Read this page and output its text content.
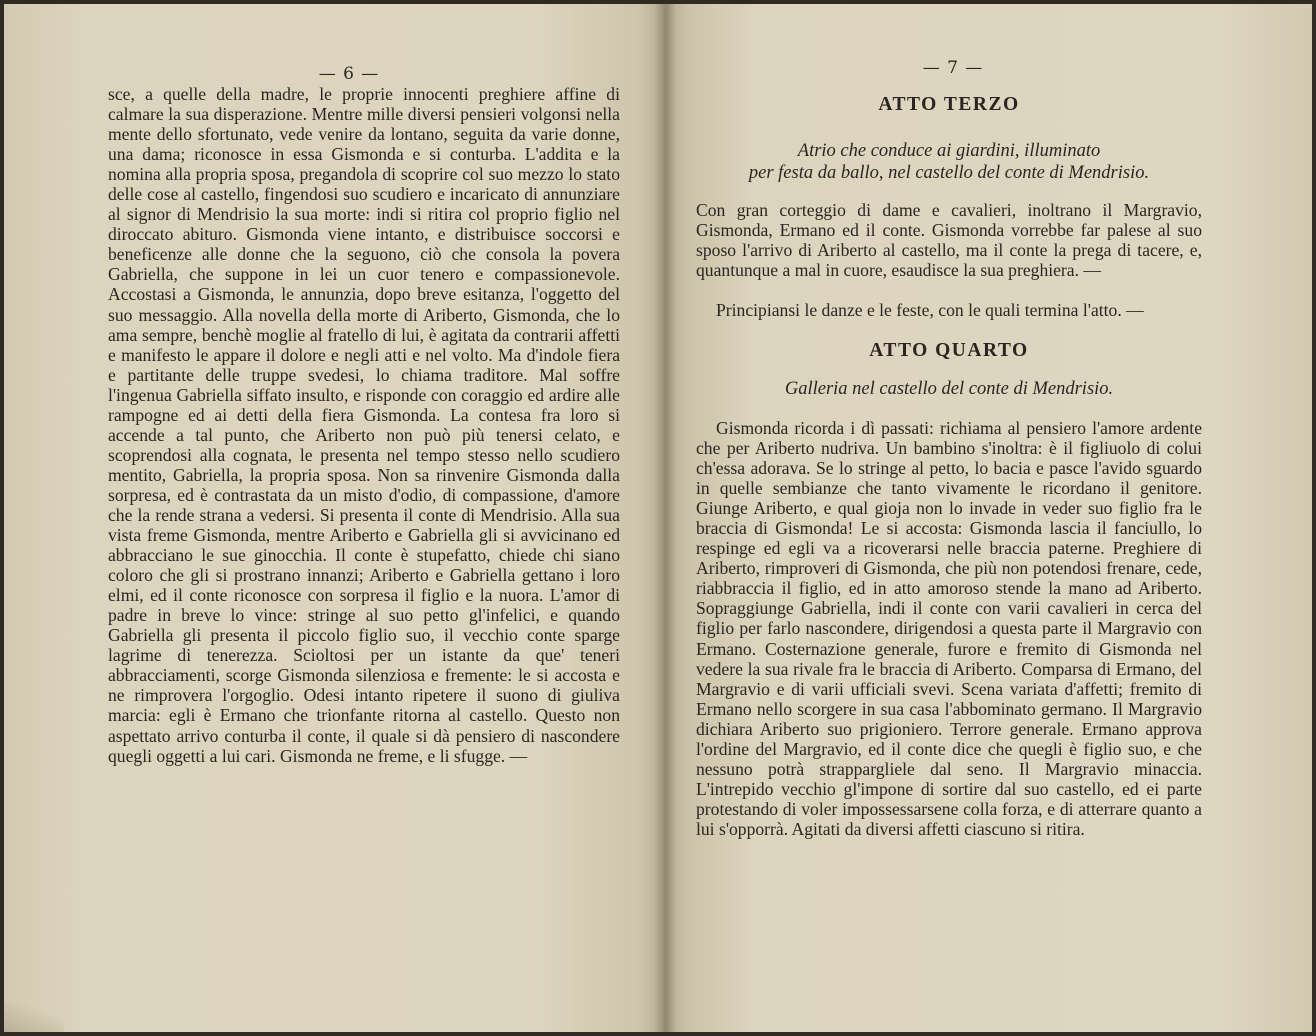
— 6 —

sce, a quelle della madre, le proprie innocenti preghiere affine di calmare la sua disperazione. Mentre mille diversi pensieri volgonsi nella mente dello sfortunato, vede venire da lontano, seguita da varie donne, una dama; riconosce in essa Gismonda e si conturba. L'addita e la nomina alla propria sposa, pregandola di scoprire col suo mezzo lo stato delle cose al castello, fingendosi suo scudiero e incaricato di annunziare al signor di Mendrisio la sua morte: indi si ritira col proprio figlio nel diroccato abituro. Gismonda viene intanto, e distribuisce soccorsi e beneficenze alle donne che la seguono, ciò che consola la povera Gabriella, che suppone in lei un cuor tenero e compassionevole. Accostasi a Gismonda, le annunzia, dopo breve esitanza, l'oggetto del suo messaggio. Alla novella della morte di Ariberto, Gismonda, che lo ama sempre, benchè moglie al fratello di lui, è agitata da contrarii affetti e manifesto le appare il dolore e negli atti e nel volto. Ma d'indole fiera e partitante delle truppe svedesi, lo chiama traditore. Mal soffre l'ingenua Gabriella siffato insulto, e risponde con coraggio ed ardire alle rampogne ed ai detti della fiera Gismonda. La contesa fra loro si accende a tal punto, che Ariberto non può più tenersi celato, e scoprendosi alla cognata, le presenta nel tempo stesso nello scudiero mentito, Gabriella, la propria sposa. Non sa rinvenire Gismonda dalla sorpresa, ed è contrastata da un misto d'odio, di compassione, d'amore che la rende strana a vedersi. Si presenta il conte di Mendrisio. Alla sua vista freme Gismonda, mentre Ariberto e Gabriella gli si avvicinano ed abbracciano le sue ginocchia. Il conte è stupefatto, chiede chi siano coloro che gli si prostrano innanzi; Ariberto e Gabriella gettano i loro elmi, ed il conte riconosce con sorpresa il figlio e la nuora. L'amor di padre in breve lo vince: stringe al suo petto gl'infelici, e quando Gabriella gli presenta il piccolo figlio suo, il vecchio conte sparge lagrime di tenerezza. Scioltosi per un istante da que' teneri abbracciamenti, scorge Gismonda silenziosa e fremente: le si accosta e ne rimprovera l'orgoglio. Odesi intanto ripetere il suono di giuliva marcia: egli è Ermano che trionfante ritorna al castello. Questo non aspettato arrivo conturba il conte, il quale si dà pensiero di nascondere quegli oggetti a lui cari. Gismonda ne freme, e li sfugge. —

— 7 —
ATTO TERZO

Atrio che conduce ai giardini, illuminato

per festa da ballo, nel castello del conte di Mendrisio.

Con gran corteggio di dame e cavalieri, inoltrano il Margravio, Gismonda, Ermano ed il conte. Gismonda vorrebbe far palese al suo sposo l'arrivo di Ariberto al castello, ma il conte la prega di tacere, e, quantunque a mal in cuore, esaudisce la sua preghiera. —

Principiansi le danze e le feste, con le quali termina l'atto. —

ATTO QUARTO

Galleria nel castello del conte di Mendrisio.

Gismonda ricorda i dì passati: richiama al pensiero l'amore ardente che per Ariberto nudriva. Un bambino s'inoltra: è il figliuolo di colui ch'essa adorava. Se lo stringe al petto, lo bacia e pasce l'avido sguardo in quelle sembianze che tanto vivamente le ricordano il genitore. Giunge Ariberto, e qual gioja non lo invade in veder suo figlio fra le braccia di Gismonda! Le si accosta: Gismonda lascia il fanciullo, lo respinge ed egli va a ricoverarsi nelle braccia paterne. Preghiere di Ariberto, rimproveri di Gismonda, che più non potendosi frenare, cede, riabbraccia il figlio, ed in atto amoroso stende la mano ad Ariberto. Sopraggiunge Gabriella, indi il conte con varii cavalieri in cerca del figlio per farlo nascondere, dirigendosi a questa parte il Margravio con Ermano. Costernazione generale, furore e fremito di Gismonda nel vedere la sua rivale fra le braccia di Ariberto. Comparsa di Ermano, del Margravio e di varii ufficiali svevi. Scena variata d'affetti; fremito di Ermano nello scorgere in sua casa l'abbominato germano. Il Margravio dichiara Ariberto suo prigioniero. Terrore generale. Ermano approva l'ordine del Margravio, ed il conte dice che quegli è figlio suo, e che nessuno potrà strappargliele dal seno. Il Margravio minaccia. L'intrepido vecchio gl'impone di sortire dal suo castello, ed ei parte protestando di voler impossessarsene colla forza, e di atterrare quanto a lui s'opporrà. Agitati da diversi affetti ciascuno si ritira.
